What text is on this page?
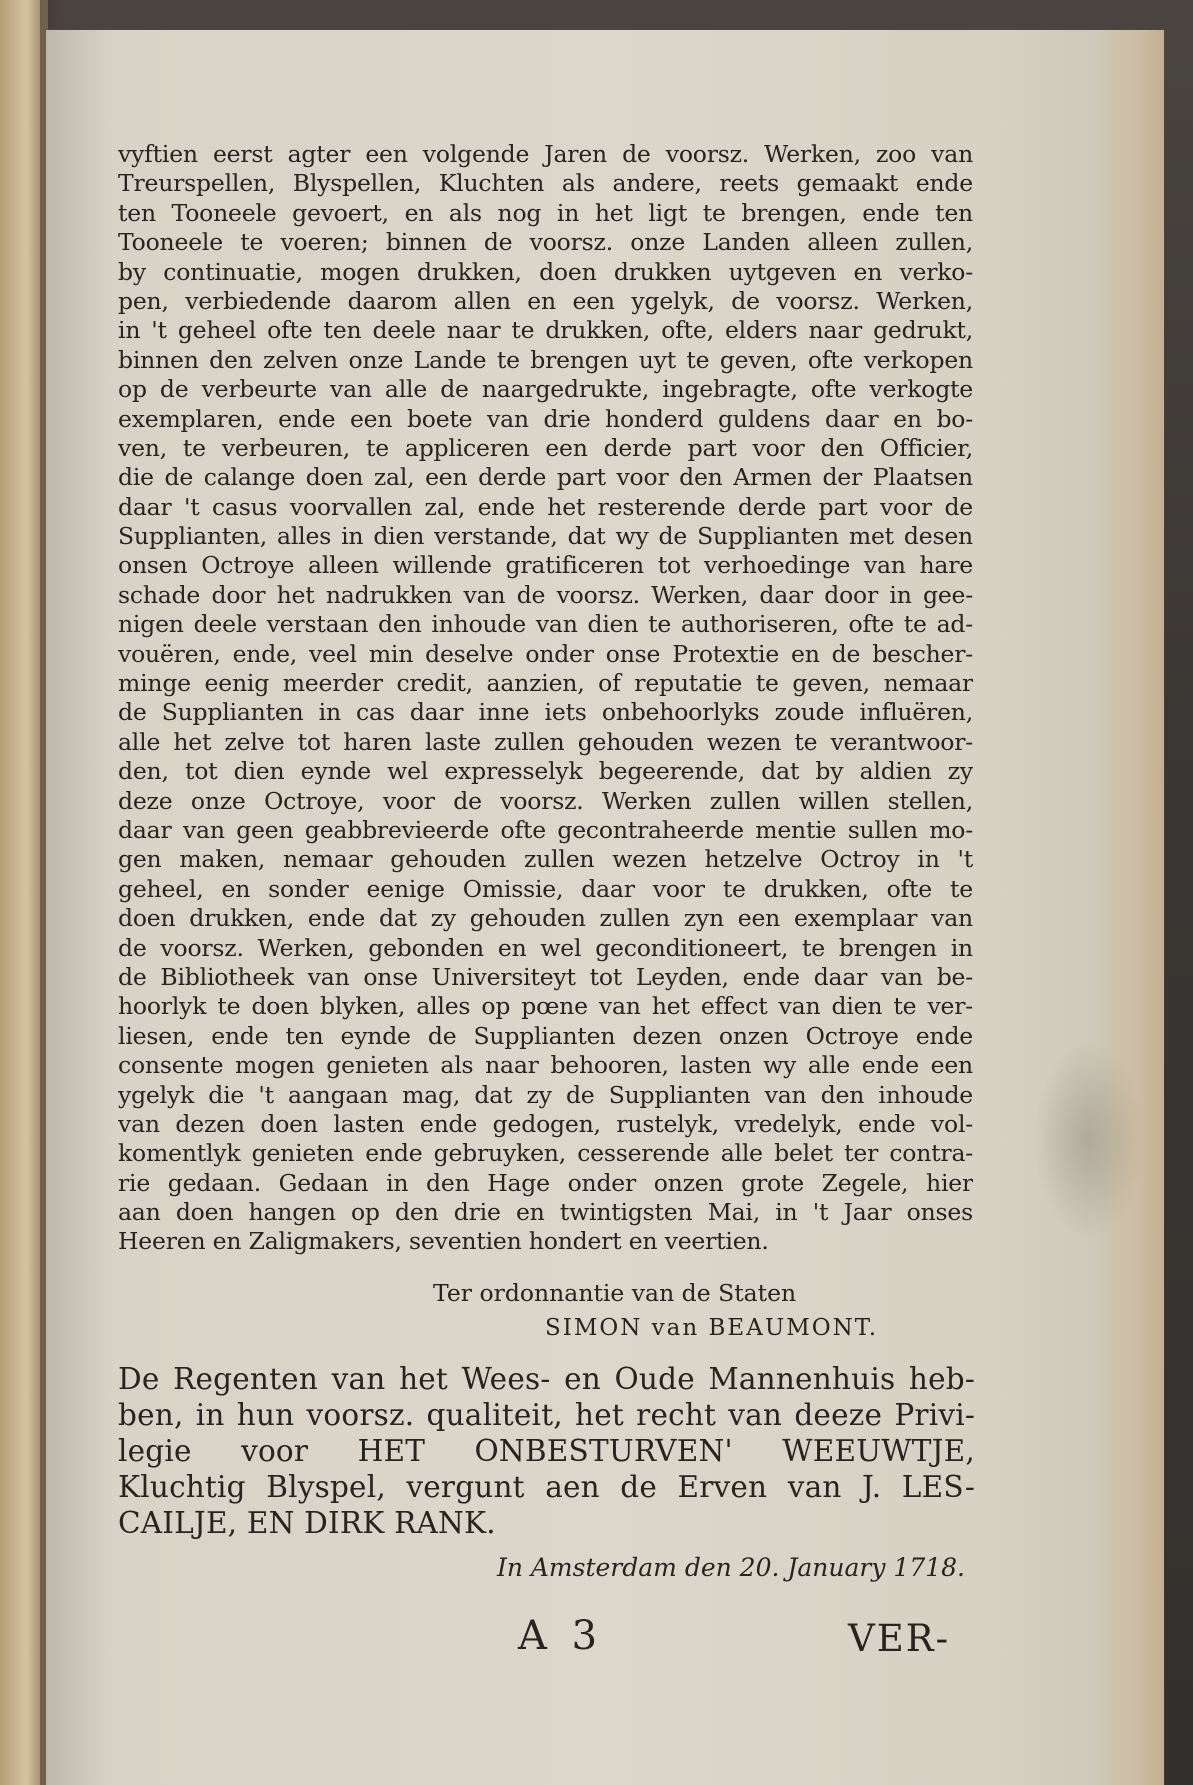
vyftien eerst agter een volgende Jaren de voorsz. Werken, zoo van
Treurspellen, Blyspellen, Kluchten als andere, reets gemaakt ende
ten Tooneele gevoert, en als nog in het ligt te brengen, ende ten
Tooneele te voeren; binnen de voorsz. onze Landen alleen zullen,
by continuatie, mogen drukken, doen drukken uytgeven en verko-
pen, verbiedende daarom allen en een ygelyk, de voorsz. Werken,
in 't geheel ofte ten deele naar te drukken, ofte, elders naar gedrukt,
binnen den zelven onze Lande te brengen uyt te geven, ofte verkopen
op de verbeurte van alle de naargedrukte, ingebragte, ofte verkogte
exemplaren, ende een boete van drie honderd guldens daar en bo-
ven, te verbeuren, te appliceren een derde part voor den Officier,
die de calange doen zal, een derde part voor den Armen der Plaatsen
daar 't casus voorvallen zal, ende het resterende derde part voor de
Supplianten, alles in dien verstande, dat wy de Supplianten met desen
onsen Octroye alleen willende gratificeren tot verhoedinge van hare
schade door het nadrukken van de voorsz. Werken, daar door in gee-
nigen deele verstaan den inhoude van dien te authoriseren, ofte te ad-
vouëren, ende, veel min deselve onder onse Protextie en de bescher-
minge eenig meerder credit, aanzien, of reputatie te geven, nemaar
de Supplianten in cas daar inne iets onbehoorlyks zoude influëren,
alle het zelve tot haren laste zullen gehouden wezen te verantwoor-
den, tot dien eynde wel expresselyk begeerende, dat by aldien zy
deze onze Octroye, voor de voorsz. Werken zullen willen stellen,
daar van geen geabbrevieerde ofte gecontraheerde mentie sullen mo-
gen maken, nemaar gehouden zullen wezen hetzelve Octroy in 't
geheel, en sonder eenige Omissie, daar voor te drukken, ofte te
doen drukken, ende dat zy gehouden zullen zyn een exemplaar van
de voorsz. Werken, gebonden en wel geconditioneert, te brengen in
de Bibliotheek van onse Universiteyt tot Leyden, ende daar van be-
hoorlyk te doen blyken, alles op pœne van het effect van dien te ver-
liesen, ende ten eynde de Supplianten dezen onzen Octroye ende
consente mogen genieten als naar behooren, lasten wy alle ende een
ygelyk die 't aangaan mag, dat zy de Supplianten van den inhoude
van dezen doen lasten ende gedogen, rustelyk, vredelyk, ende vol-
komentlyk genieten ende gebruyken, cesserende alle belet ter contra-
rie gedaan. Gedaan in den Hage onder onzen grote Zegele, hier
aan doen hangen op den drie en twintigsten Mai, in 't Jaar onses
Heeren en Zaligmakers, seventien hondert en veertien.
Ter ordonnantie van de Staten
SIMON van BEAUMONT.
De Regenten van het Wees- en Oude Mannenhuis heb-
ben, in hun voorsz. qualiteit, het recht van deeze Privi-
legie voor HET ONBESTURVEN' WEEUWTJE,
Kluchtig Blyspel, vergunt aen de Erven van J. LES-
CAILJE, EN DIRK RANK.
In Amsterdam den 20. January 1718.
A 3	VER-
